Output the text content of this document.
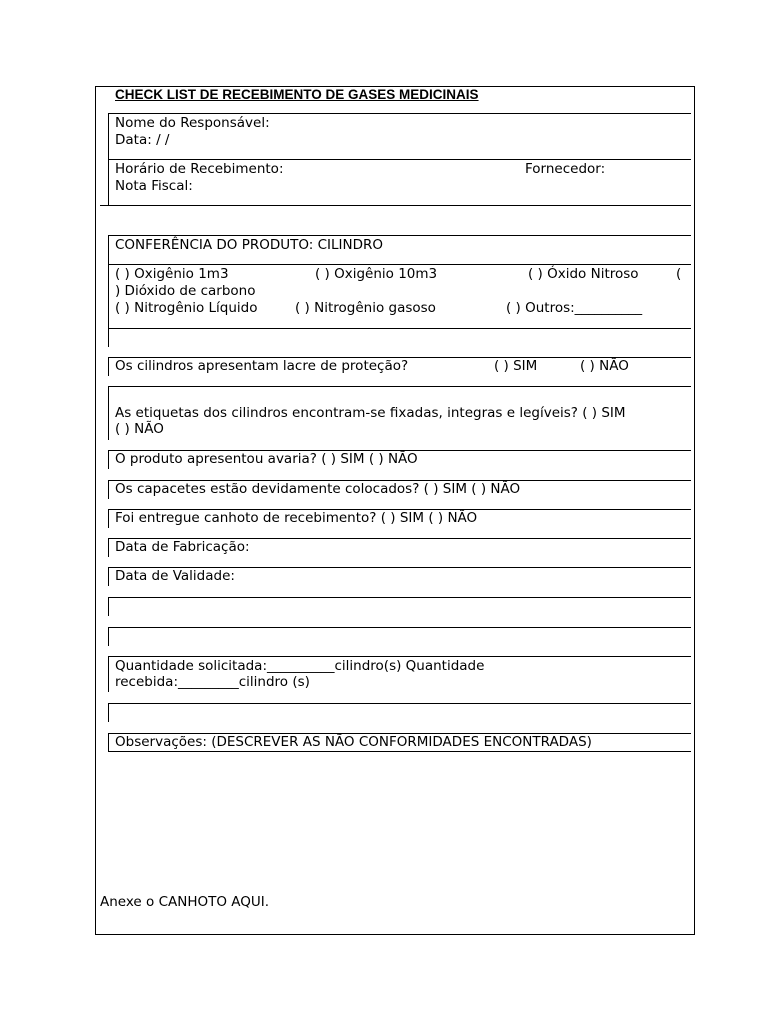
CHECK LIST DE RECEBIMENTO DE GASES MEDICINAIS
Nome do Responsável:
Data: / /
Horário de Recebimento:	Fornecedor:
Nota Fiscal:
CONFERÊNCIA DO PRODUTO: CILINDRO
( ) Oxigênio 1m3	( ) Oxigênio 10m3	( ) Óxido Nitroso	(
) Dióxido de carbono
( ) Nitrogênio Líquido	( ) Nitrogênio gasoso	( ) Outros:__________
Os cilindros apresentam lacre de proteção?	( ) SIM	( ) NÃO
As etiquetas dos cilindros encontram-se fixadas, integras e legíveis? ( ) SIM
( ) NÃO
O produto apresentou avaria? ( ) SIM ( ) NÃO
Os capacetes estão devidamente colocados? ( ) SIM ( ) NÃO
Foi entregue canhoto de recebimento? ( ) SIM ( ) NÃO
Data de Fabricação:
Data de Validade:
Quantidade solicitada:__________cilindro(s) Quantidade
recebida:_________cilindro (s)
Observações: (DESCREVER AS NÃO CONFORMIDADES ENCONTRADAS)
Anexe o CANHOTO AQUI.
